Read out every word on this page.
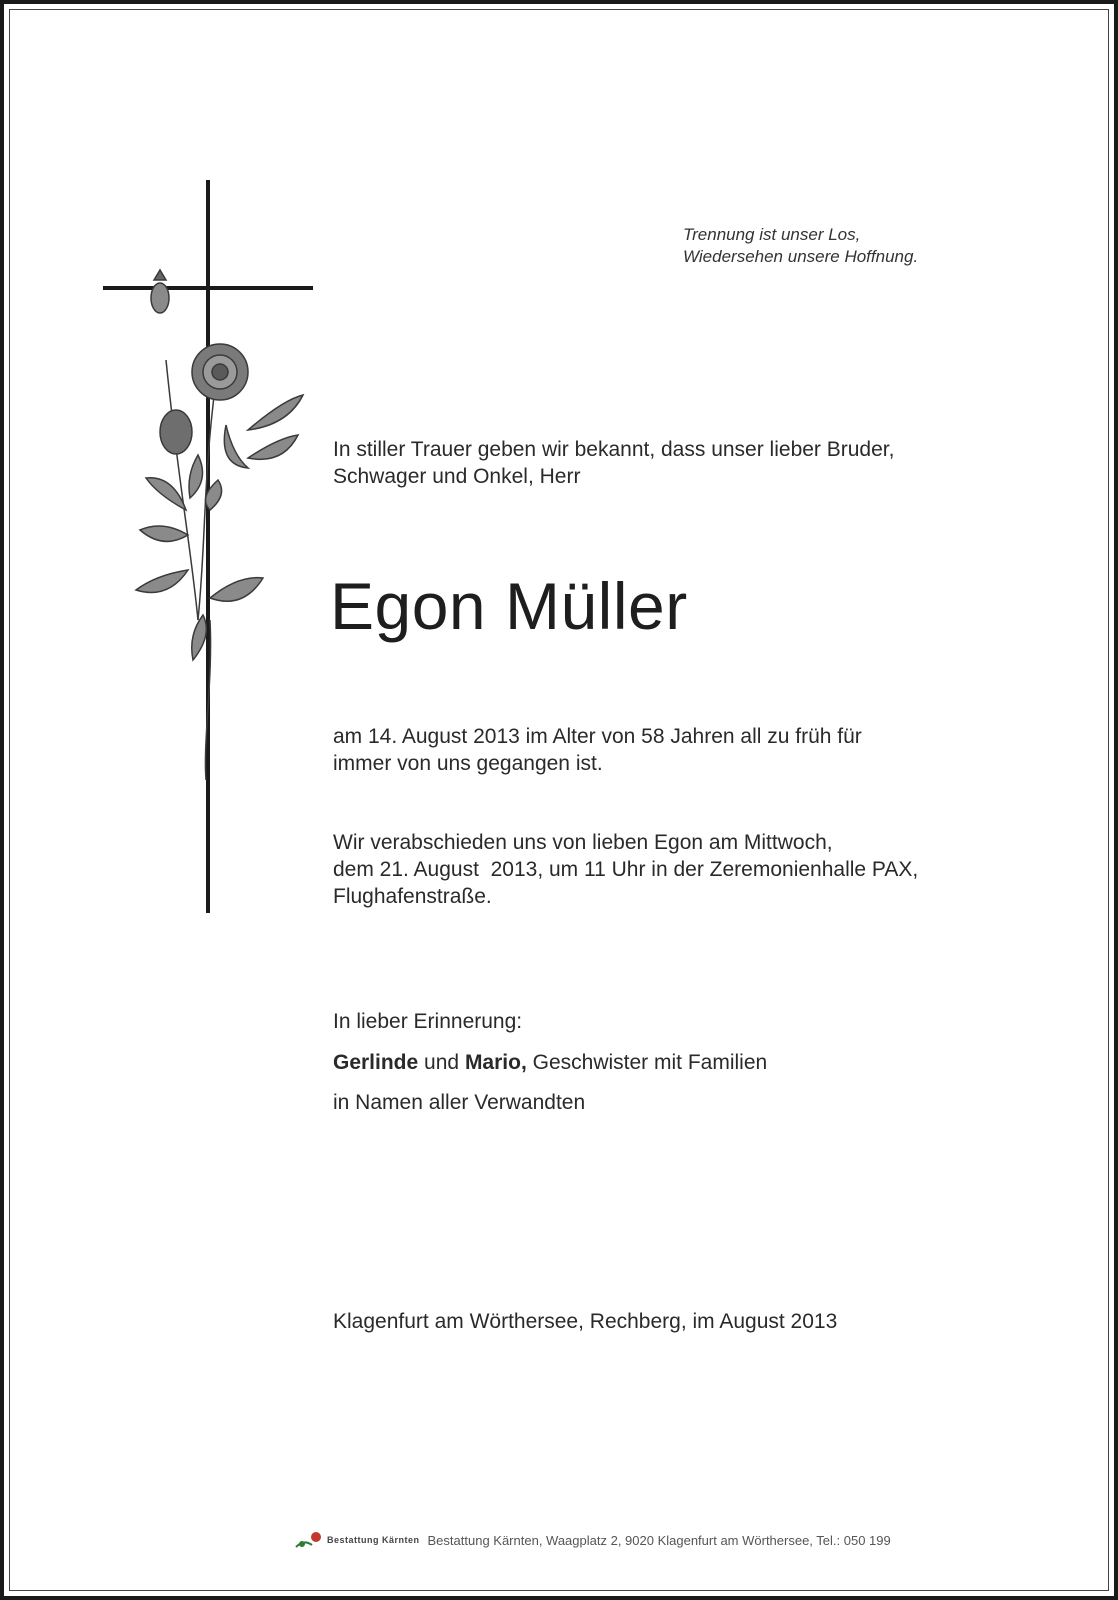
Trennung ist unser Los,
Wiedersehen unsere Hoffnung.
In stiller Trauer geben wir bekannt, dass unser lieber Bruder,
Schwager und Onkel, Herr
Egon Müller
am 14. August 2013 im Alter von 58 Jahren all zu früh für
immer von uns gegangen ist.
Wir verabschieden uns von lieben Egon am Mittwoch,
dem 21. August  2013, um 11 Uhr in der Zeremonienhalle PAX,
Flughafenstraße.
In lieber Erinnerung:
Gerlinde und Mario, Geschwister mit Familien
in Namen aller Verwandten
Klagenfurt am Wörthersee, Rechberg, im August 2013
Bestattung Kärnten Bestattung Kärnten, Waagplatz 2, 9020 Klagenfurt am Wörthersee, Tel.: 050 199
